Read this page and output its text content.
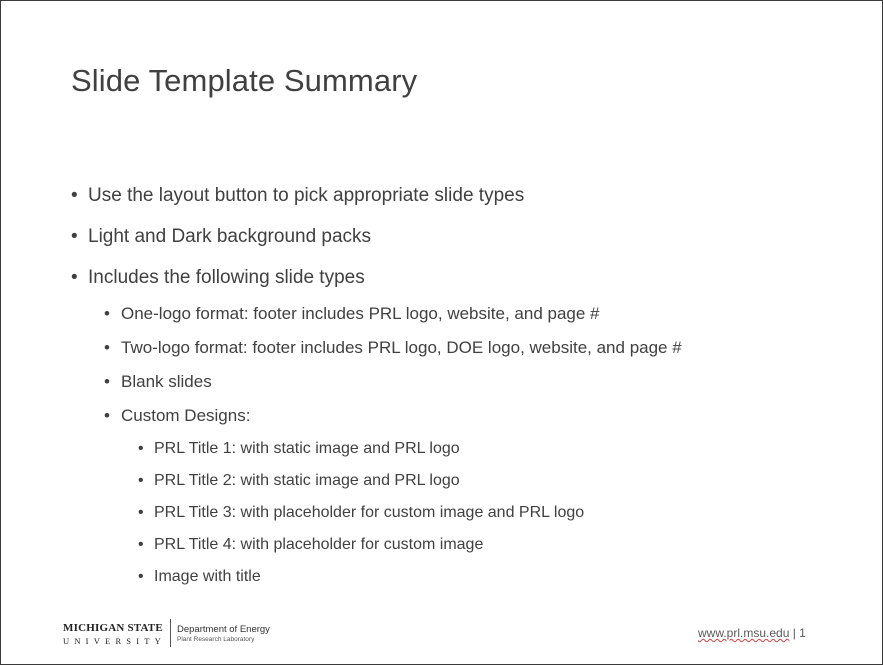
Slide Template Summary
• Use the layout button to pick appropriate slide types
• Light and Dark background packs
• Includes the following slide types
• One-logo format: footer includes PRL logo, website, and page #
• Two-logo format: footer includes PRL logo, DOE logo, website, and page #
• Blank slides
• Custom Designs:
• PRL Title 1: with static image and PRL logo
• PRL Title 2: with static image and PRL logo
• PRL Title 3: with placeholder for custom image and PRL logo
• PRL Title 4: with placeholder for custom image
• Image with title
MICHIGAN STATE
UNIVERSITY
Department of Energy
Plant Research Laboratory	www.prl.msu.edu | 1
